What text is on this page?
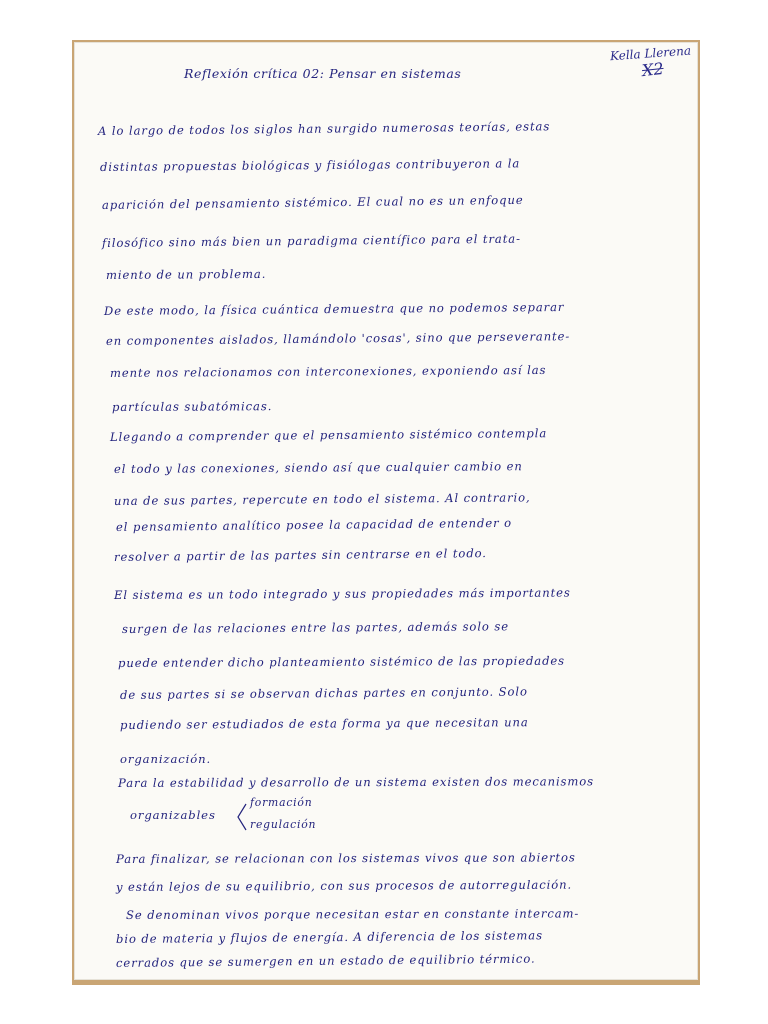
Kella Llerena
X2
Reflexión crítica 02: Pensar en sistemas
A lo largo de todos los siglos han surgido numerosas teorías, estas
distintas propuestas biológicas y fisiólogas contribuyeron a la
aparición del pensamiento sistémico. El cual no es un enfoque
filosófico sino más bien un paradigma científico para el trata-
miento de un problema.
De este modo, la física cuántica demuestra que no podemos separar
en componentes aislados, llamándolo 'cosas', sino que perseverante-
mente nos relacionamos con interconexiones, exponiendo así las
partículas subatómicas.
Llegando a comprender que el pensamiento sistémico contempla
el todo y las conexiones, siendo así que cualquier cambio en
una de sus partes, repercute en todo el sistema. Al contrario,
el pensamiento analítico posee la capacidad de entender o
resolver a partir de las partes sin centrarse en el todo.
El sistema es un todo integrado y sus propiedades más importantes
surgen de las relaciones entre las partes, además solo se
puede entender dicho planteamiento sistémico de las propiedades
de sus partes si se observan dichas partes en conjunto. Solo
pudiendo ser estudiados de esta forma ya que necesitan una
organización.
Para la estabilidad y desarrollo de un sistema existen dos mecanismos
organizables
formación
regulación
Para finalizar, se relacionan con los sistemas vivos que son abiertos
y están lejos de su equilibrio, con sus procesos de autorregulación.
Se denominan vivos porque necesitan estar en constante intercam-
bio de materia y flujos de energía. A diferencia de los sistemas
cerrados que se sumergen en un estado de equilibrio térmico.
